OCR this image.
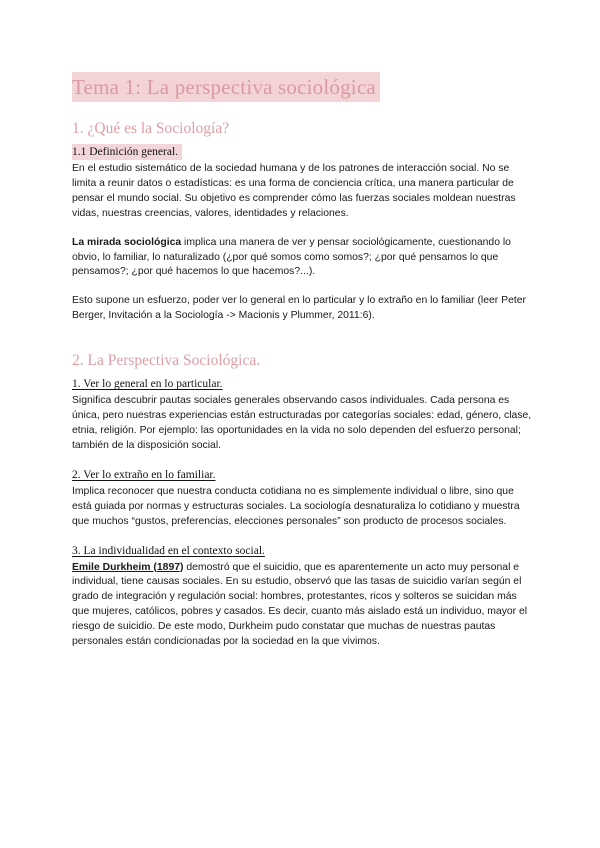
Tema 1: La perspectiva sociológica
1. ¿Qué es la Sociología?
1.1 Definición general.

En el estudio sistemático de la sociedad humana y de los patrones de interacción social. No se limita a reunir datos o estadísticas: es una forma de conciencia crítica, una manera particular de pensar el mundo social. Su objetivo es comprender cómo las fuerzas sociales moldean nuestras vidas, nuestras creencias, valores, identidades y relaciones.

La mirada sociológica implica una manera de ver y pensar sociológicamente, cuestionando lo obvio, lo familiar, lo naturalizado (¿por qué somos como somos?; ¿por qué pensamos lo que pensamos?; ¿por qué hacemos lo que hacemos?...).

Esto supone un esfuerzo, poder ver lo general en lo particular y lo extraño en lo familiar (leer Peter Berger, Invitación a la Sociología -> Macionis y Plummer, 2011:6).

2. La Perspectiva Sociológica.
1. Ver lo general en lo particular.

Significa descubrir pautas sociales generales observando casos individuales. Cada persona es única, pero nuestras experiencias están estructuradas por categorías sociales: edad, género, clase, etnia, religión. Por ejemplo: las oportunidades en la vida no solo dependen del esfuerzo personal; también de la disposición social.

2. Ver lo extraño en lo familiar.

Implica reconocer que nuestra conducta cotidiana no es simplemente individual o libre, sino que está guiada por normas y estructuras sociales. La sociología desnaturaliza lo cotidiano y muestra que muchos “gustos, preferencias, elecciones personales” son producto de procesos sociales.

3. La individualidad en el contexto social.

Emile Durkheim (1897) demostró que el suicidio, que es aparentemente un acto muy personal e individual, tiene causas sociales. En su estudio, observó que las tasas de suicidio varían según el grado de integración y regulación social: hombres, protestantes, ricos y solteros se suicidan más que mujeres, católicos, pobres y casados. Es decir, cuanto más aislado está un individuo, mayor el riesgo de suicidio. De este modo, Durkheim pudo constatar que muchas de nuestras pautas personales están condicionadas por la sociedad en la que vivimos.
